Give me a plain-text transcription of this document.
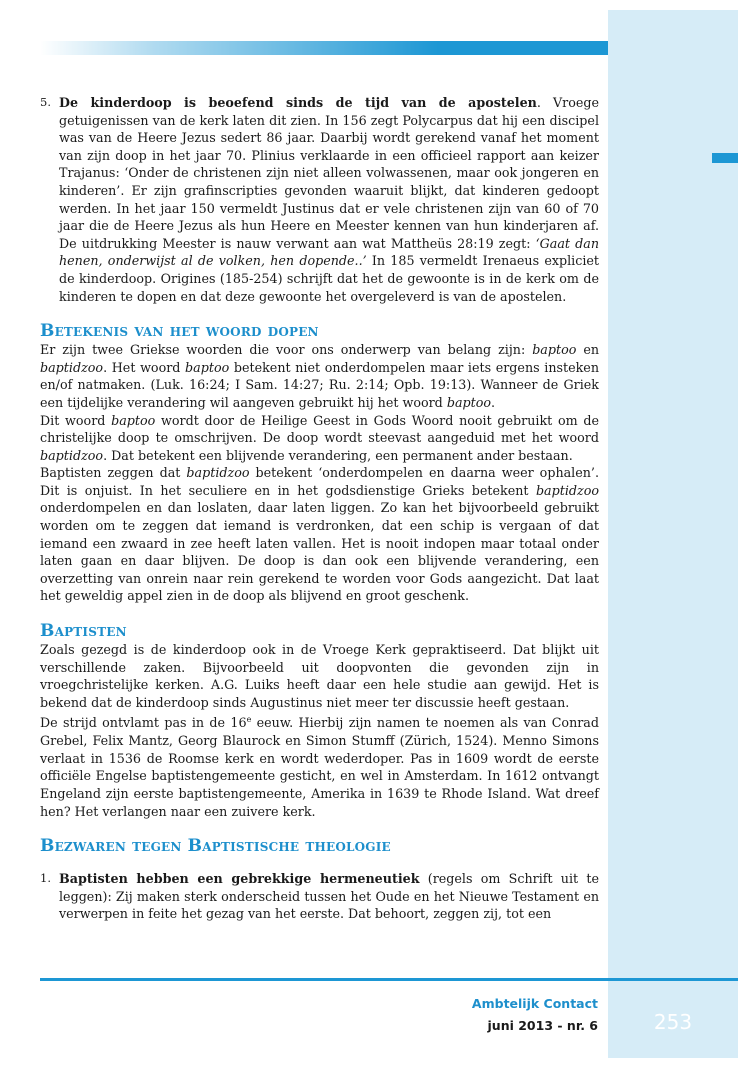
5. De kinderdoop is beoefend sinds de tijd van de apostelen. Vroege getuigenissen van de kerk laten dit zien. In 156 zegt Polycarpus dat hij een discipel was van de Heere Jezus sedert 86 jaar. Daarbij wordt gerekend vanaf het moment van zijn doop in het jaar 70. Plinius verklaarde in een officieel rapport aan keizer Trajanus: ‘Onder de christenen zijn niet alleen volwassenen, maar ook jongeren en kinderen’. Er zijn grafinscripties gevonden waaruit blijkt, dat kinderen gedoopt werden. In het jaar 150 vermeldt Justinus dat er vele christenen zijn van 60 of 70 jaar die de Heere Jezus als hun Heere en Meester kennen van hun kinderjaren af. De uitdrukking Meester is nauw verwant aan wat Mattheüs 28:19 zegt: ‘Gaat dan henen, onderwijst al de volken, hen dopende..’ In 185 vermeldt Irenaeus expliciet de kinderdoop. Origines (185-254) schrijft dat het de gewoonte is in de kerk om de kinderen te dopen en dat deze gewoonte het overgeleverd is van de apostelen.

Betekenis van het woord dopen

Er zijn twee Griekse woorden die voor ons onderwerp van belang zijn: baptoo en baptidzoo. Het woord baptoo betekent niet onderdompelen maar iets ergens insteken en/of natmaken. (Luk. 16:24; I Sam. 14:27; Ru. 2:14; Opb. 19:13). Wanneer de Griek een tijdelijke verandering wil aangeven gebruikt hij het woord baptoo.

Dit woord baptoo wordt door de Heilige Geest in Gods Woord nooit gebruikt om de christelijke doop te omschrijven. De doop wordt steevast aangeduid met het woord baptidzoo. Dat betekent een blijvende verandering, een permanent ander bestaan.

Baptisten zeggen dat baptidzoo betekent ‘onderdompelen en daarna weer ophalen’. Dit is onjuist. In het seculiere en in het godsdienstige Grieks betekent baptidzoo onderdompelen en dan loslaten, daar laten liggen. Zo kan het bijvoorbeeld gebruikt worden om te zeggen dat iemand is verdronken, dat een schip is vergaan of dat iemand een zwaard in zee heeft laten vallen. Het is nooit indopen maar totaal onder laten gaan en daar blijven. De doop is dan ook een blijvende verandering, een overzetting van onrein naar rein gerekend te worden voor Gods aangezicht. Dat laat het geweldig appel zien in de doop als blijvend en groot geschenk.

Baptisten

Zoals gezegd is de kinderdoop ook in de Vroege Kerk gepraktiseerd. Dat blijkt uit verschillende zaken. Bijvoorbeeld uit doopvonten die gevonden zijn in vroegchristelijke kerken. A.G. Luiks heeft daar een hele studie aan gewijd. Het is bekend dat de kinderdoop sinds Augustinus niet meer ter discussie heeft gestaan.

De strijd ontvlamt pas in de 16e eeuw. Hierbij zijn namen te noemen als van Conrad Grebel, Felix Mantz, Georg Blaurock en Simon Stumff (Zürich, 1524). Menno Simons verlaat in 1536 de Roomse kerk en wordt wederdoper. Pas in 1609 wordt de eerste officiële Engelse baptistengemeente gesticht, en wel in Amsterdam. In 1612 ontvangt Engeland zijn eerste baptistengemeente, Amerika in 1639 te Rhode Island. Wat dreef hen? Het verlangen naar een zuivere kerk.

Bezwaren tegen Baptistische theologie
1. Baptisten hebben een gebrekkige hermeneutiek (regels om Schrift uit te leggen): Zij maken sterk onderscheid tussen het Oude en het Nieuwe Testament en verwerpen in feite het gezag van het eerste. Dat behoort, zeggen zij, tot een

Ambtelijk Contact
juni 2013 - nr. 6	253
